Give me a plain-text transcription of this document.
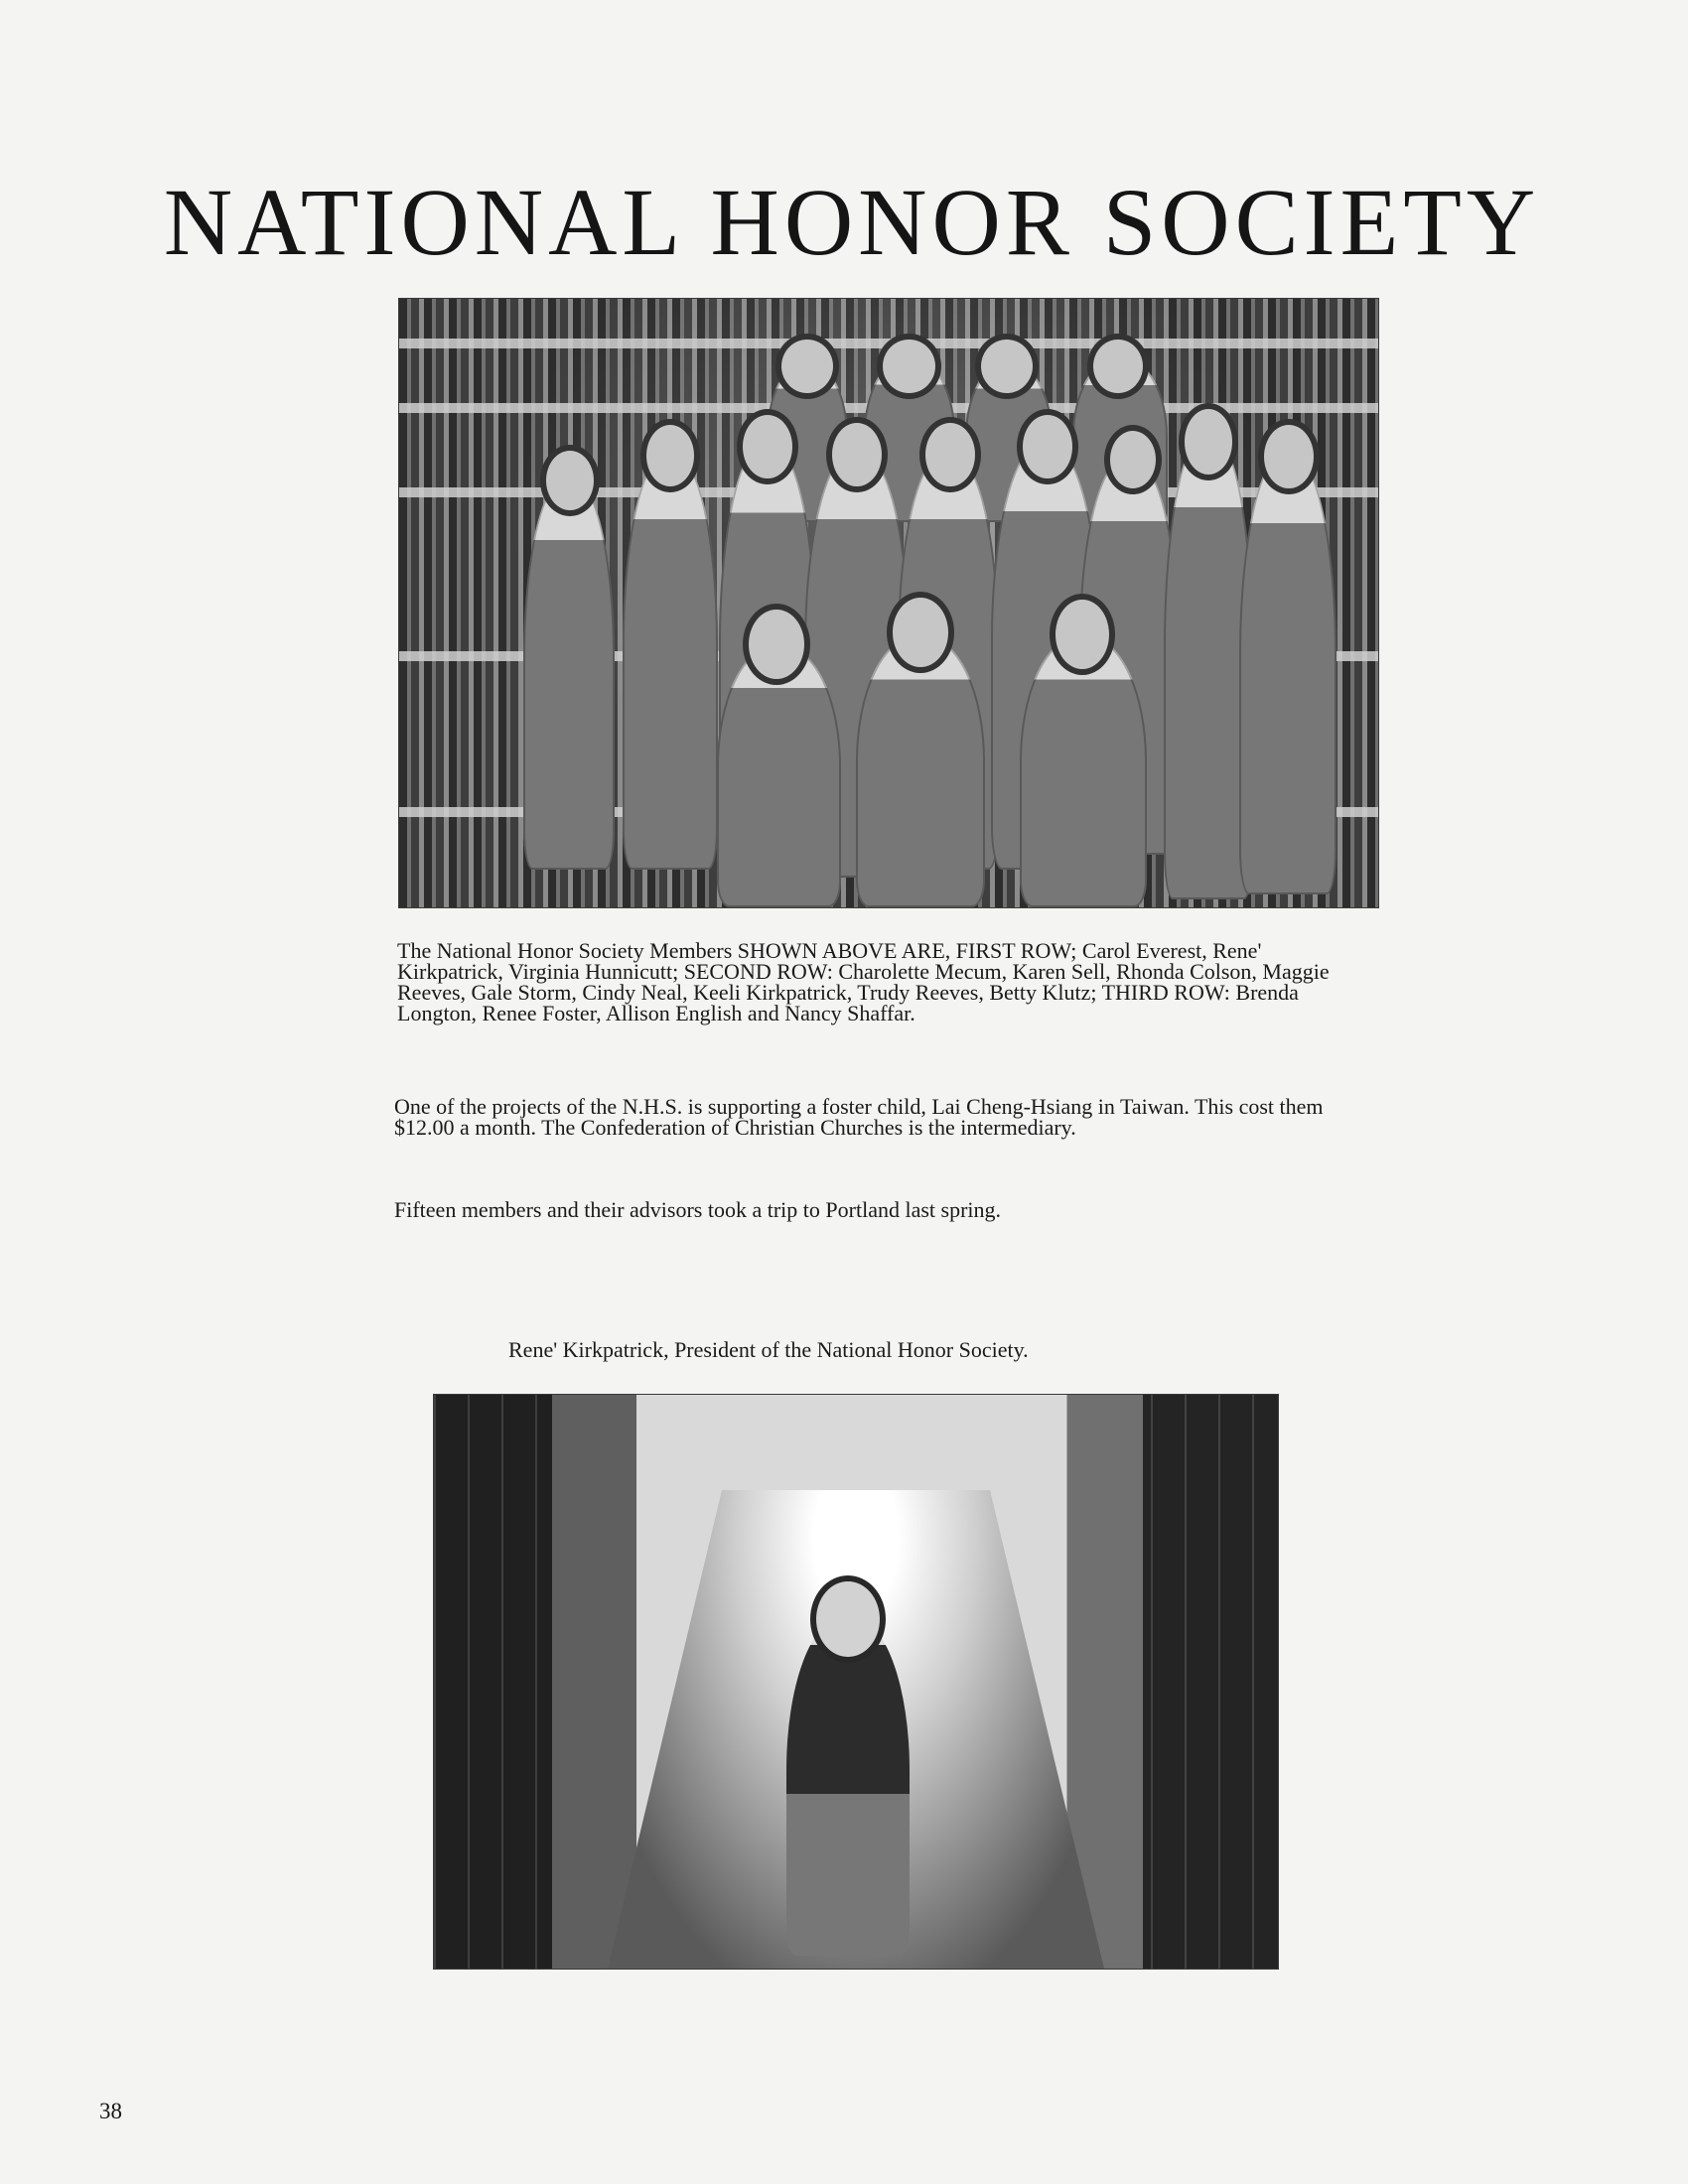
NATIONAL HONOR SOCIETY
The National Honor Society Members SHOWN ABOVE ARE, FIRST ROW; Carol Everest, Rene' Kirkpatrick, Virginia Hunnicutt; SECOND ROW: Charolette Mecum, Karen Sell, Rhonda Colson, Maggie Reeves, Gale Storm, Cindy Neal, Keeli Kirkpatrick, Trudy Reeves, Betty Klutz; THIRD ROW: Brenda Longton, Renee Foster, Allison English and Nancy Shaffar.
One of the projects of the N.H.S. is supporting a foster child, Lai Cheng-Hsiang in Taiwan. This cost them $12.00 a month. The Confederation of Christian Churches is the intermediary.
Fifteen members and their advisors took a trip to Portland last spring.
Rene' Kirkpatrick, President of the National Honor Society.
38
